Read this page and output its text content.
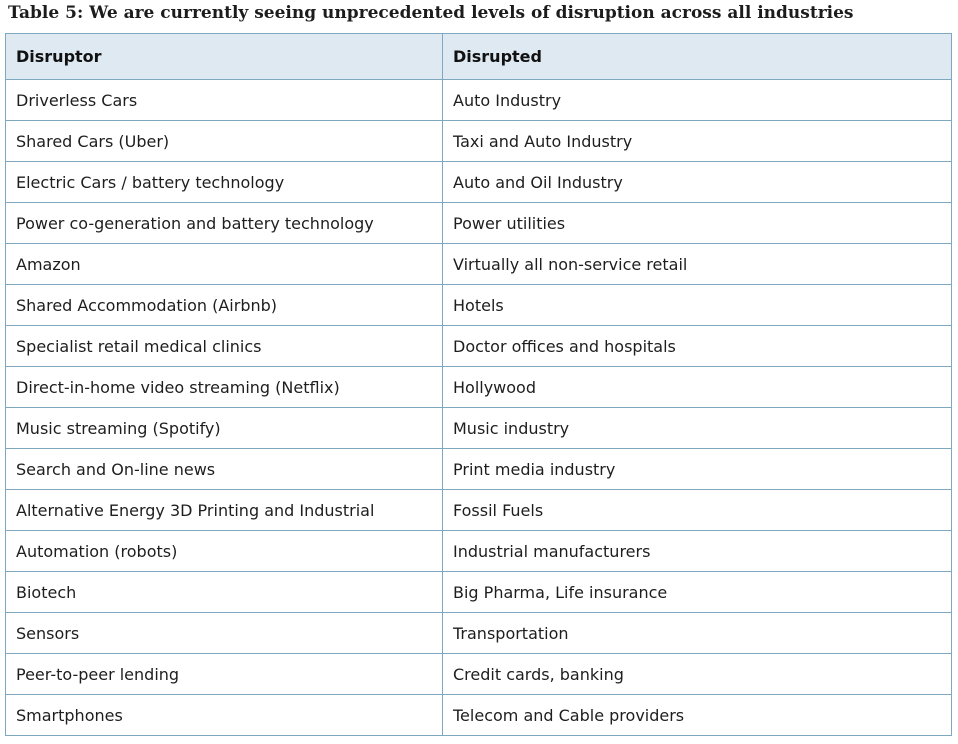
Table 5: We are currently seeing unprecedented levels of disruption across all industries
Disruptor	Disrupted
Driverless Cars	Auto Industry
Shared Cars (Uber)	Taxi and Auto Industry
Electric Cars / battery technology	Auto and Oil Industry
Power co-generation and battery technology	Power utilities
Amazon	Virtually all non-service retail
Shared Accommodation (Airbnb)	Hotels
Specialist retail medical clinics	Doctor offices and hospitals
Direct-in-home video streaming (Netflix)	Hollywood
Music streaming (Spotify)	Music industry
Search and On-line news	Print media industry
Alternative Energy 3D Printing and Industrial	Fossil Fuels
Automation (robots)	Industrial manufacturers
Biotech	Big Pharma, Life insurance
Sensors	Transportation
Peer-to-peer lending	Credit cards, banking
Smartphones	Telecom and Cable providers
